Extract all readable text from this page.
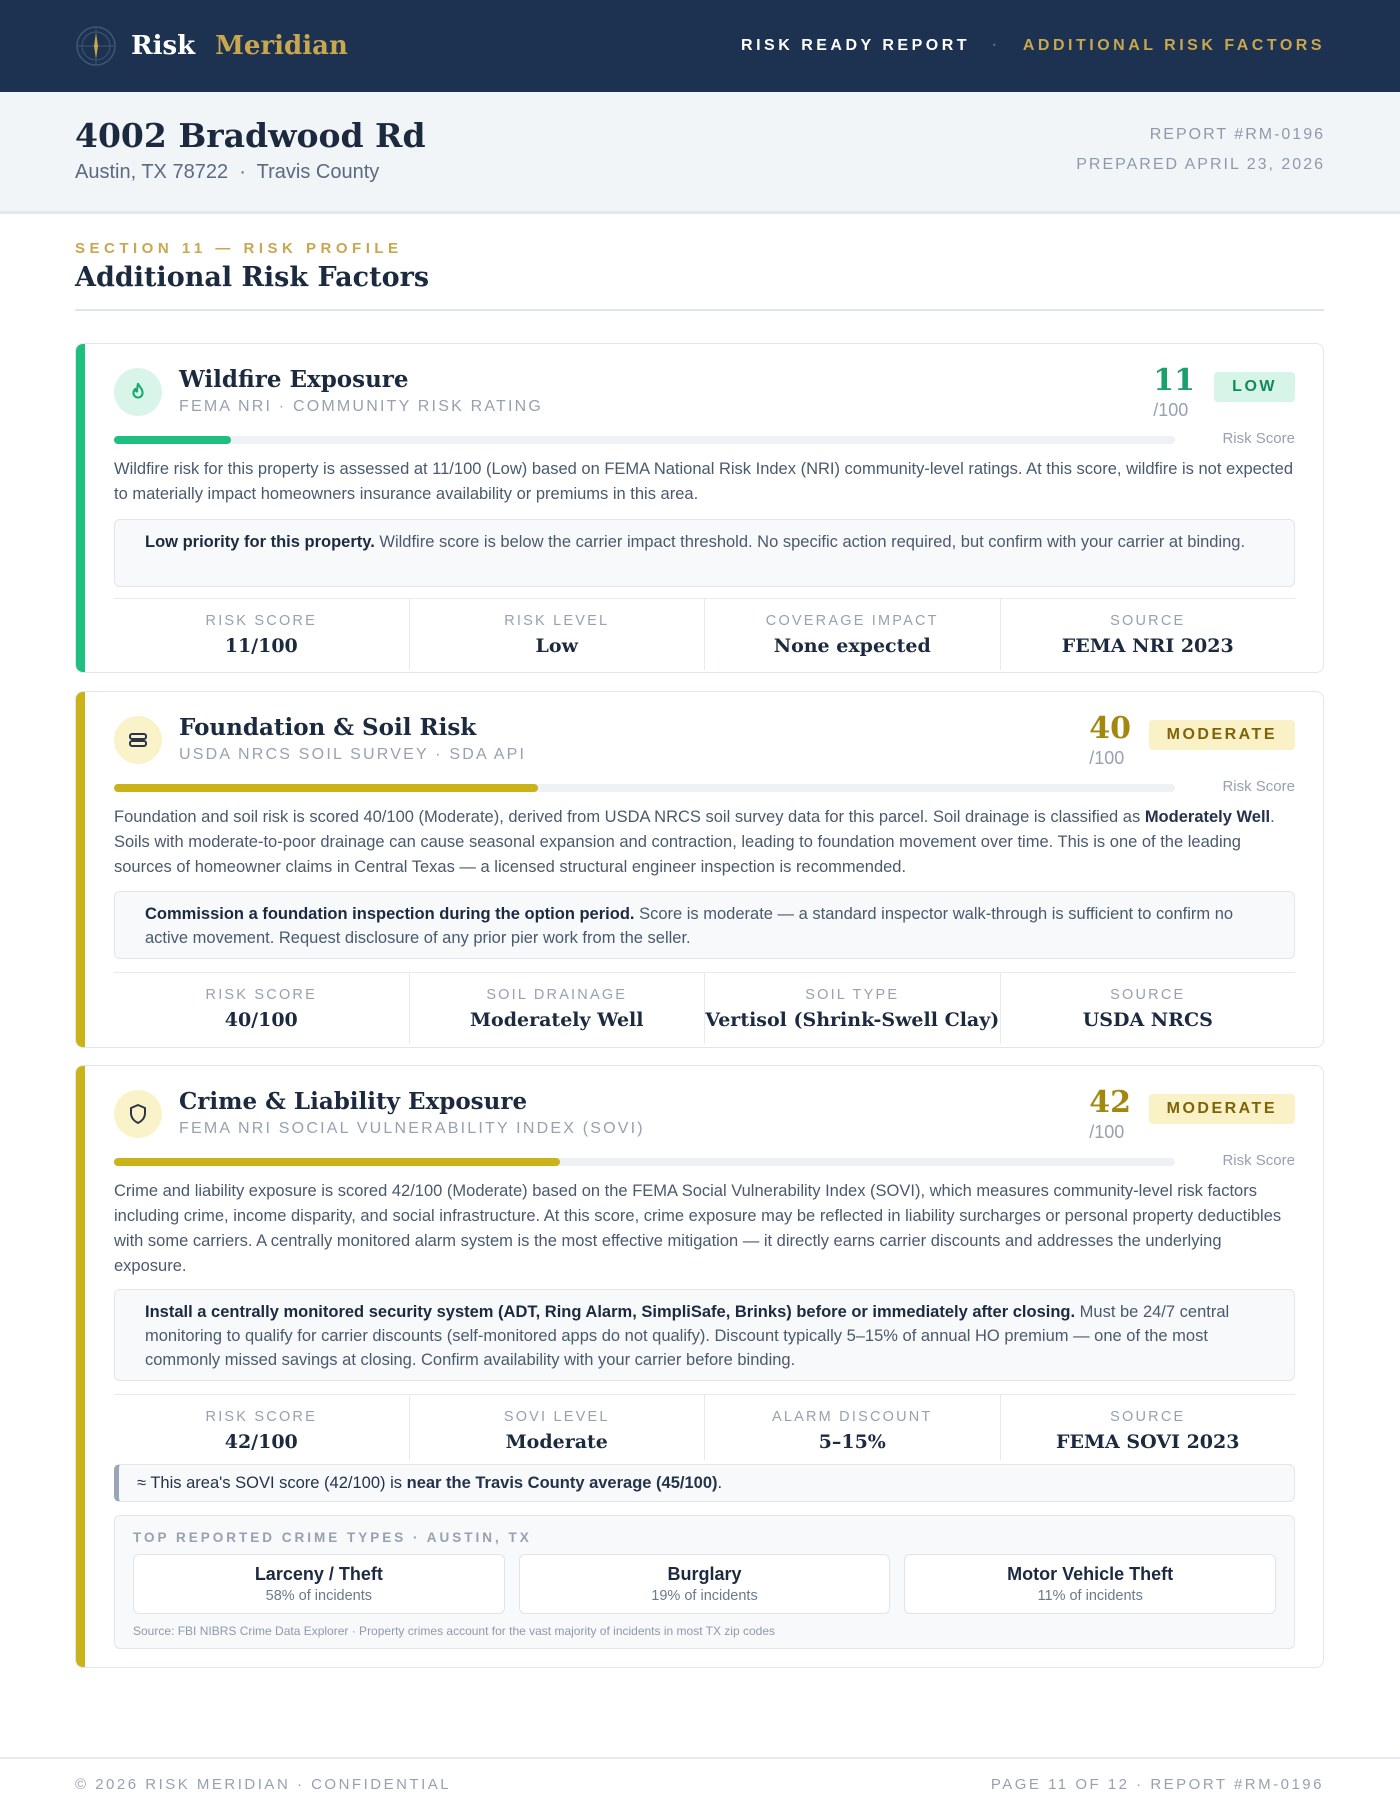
Risk Meridian	RISK READY REPORT · ADDITIONAL RISK FACTORS
4002 Bradwood Rd
Austin, TX 78722 · Travis County
REPORT #RM-0196
PREPARED APRIL 23, 2026
SECTION 11 — RISK PROFILE
Additional Risk Factors
Wildfire Exposure
FEMA NRI · COMMUNITY RISK RATING
11
/100
LOW
Risk Score
Wildfire risk for this property is assessed at 11/100 (Low) based on FEMA National Risk Index (NRI) community-level ratings. At this score, wildfire is not expected to materially impact homeowners insurance availability or premiums in this area.
Low priority for this property. Wildfire score is below the carrier impact threshold. No specific action required, but confirm with your carrier at binding.
RISK SCORE
11/100
RISK LEVEL
Low
COVERAGE IMPACT
None expected
SOURCE
FEMA NRI 2023
Foundation & Soil Risk
USDA NRCS SOIL SURVEY · SDA API
40
/100
MODERATE
Risk Score
Foundation and soil risk is scored 40/100 (Moderate), derived from USDA NRCS soil survey data for this parcel. Soil drainage is classified as Moderately Well. Soils with moderate-to-poor drainage can cause seasonal expansion and contraction, leading to foundation movement over time. This is one of the leading sources of homeowner claims in Central Texas — a licensed structural engineer inspection is recommended.
Commission a foundation inspection during the option period. Score is moderate — a standard inspector walk-through is sufficient to confirm no active movement. Request disclosure of any prior pier work from the seller.
RISK SCORE
40/100
SOIL DRAINAGE
Moderately Well
SOIL TYPE
Vertisol (Shrink-Swell Clay)
SOURCE
USDA NRCS
Crime & Liability Exposure
FEMA NRI SOCIAL VULNERABILITY INDEX (SOVI)
42
/100
MODERATE
Risk Score
Crime and liability exposure is scored 42/100 (Moderate) based on the FEMA Social Vulnerability Index (SOVI), which measures community-level risk factors including crime, income disparity, and social infrastructure. At this score, crime exposure may be reflected in liability surcharges or personal property deductibles with some carriers. A centrally monitored alarm system is the most effective mitigation — it directly earns carrier discounts and addresses the underlying exposure.
Install a centrally monitored security system (ADT, Ring Alarm, SimpliSafe, Brinks) before or immediately after closing. Must be 24/7 central monitoring to qualify for carrier discounts (self-monitored apps do not qualify). Discount typically 5–15% of annual HO premium — one of the most commonly missed savings at closing. Confirm availability with your carrier before binding.
RISK SCORE
42/100
SOVI LEVEL
Moderate
ALARM DISCOUNT
5–15%
SOURCE
FEMA SOVI 2023
≈ This area's SOVI score (42/100) is
near the Travis County average (45/100) .
TOP REPORTED CRIME TYPES · AUSTIN, TX
Larceny / Theft
58% of incidents
Burglary
19% of incidents
Motor Vehicle Theft
11% of incidents
Source: FBI NIBRS Crime Data Explorer · Property crimes account for the vast majority of incidents in most TX zip codes
© 2026 RISK MERIDIAN · CONFIDENTIAL	PAGE 11 OF 12 · REPORT #RM-0196
